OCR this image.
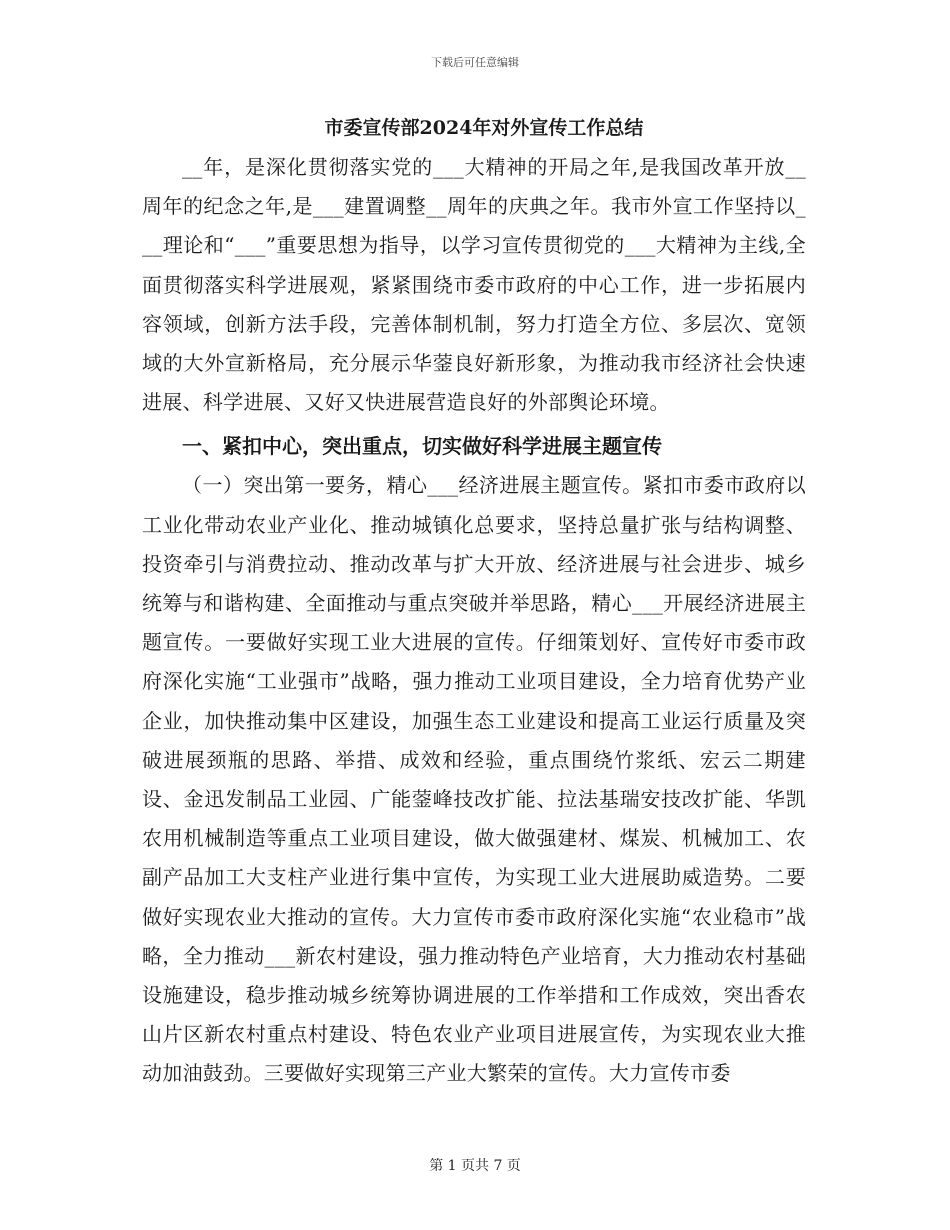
下载后可任意编辑
市委宣传部2024年对外宣传工作总结

__年，是深化贯彻落实党的___大精神的开局之年,是我国改革开放__周年的纪念之年,是___建置调整__周年的庆典之年。我市外宣工作坚持以___理论和“___”重要思想为指导，以学习宣传贯彻党的___大精神为主线,全面贯彻落实科学进展观，紧紧围绕市委市政府的中心工作，进一步拓展内容领域，创新方法手段，完善体制机制，努力打造全方位、多层次、宽领域的大外宣新格局，充分展示华蓥良好新形象，为推动我市经济社会快速进展、科学进展、又好又快进展营造良好的外部舆论环境。

一、紧扣中心，突出重点，切实做好科学进展主题宣传

（一）突出第一要务，精心___经济进展主题宣传。紧扣市委市政府以工业化带动农业产业化、推动城镇化总要求，坚持总量扩张与结构调整、投资牵引与消费拉动、推动改革与扩大开放、经济进展与社会进步、城乡统筹与和谐构建、全面推动与重点突破并举思路，精心___开展经济进展主题宣传。一要做好实现工业大进展的宣传。仔细策划好、宣传好市委市政府深化实施“工业强市”战略，强力推动工业项目建设，全力培育优势产业企业，加快推动集中区建设，加强生态工业建设和提高工业运行质量及突破进展颈瓶的思路、举措、成效和经验，重点围绕竹浆纸、宏云二期建设、金迅发制品工业园、广能蓥峰技改扩能、拉法基瑞安技改扩能、华凯农用机械制造等重点工业项目建设，做大做强建材、煤炭、机械加工、农副产品加工大支柱产业进行集中宣传，为实现工业大进展助威造势。二要做好实现农业大推动的宣传。大力宣传市委市政府深化实施“农业稳市”战略，全力推动___新农村建设，强力推动特色产业培育，大力推动农村基础设施建设，稳步推动城乡统筹协调进展的工作举措和工作成效，突出香农山片区新农村重点村建设、特色农业产业项目进展宣传，为实现农业大推动加油鼓劲。三要做好实现第三产业大繁荣的宣传。大力宣传市委

第 1 页共 7 页
